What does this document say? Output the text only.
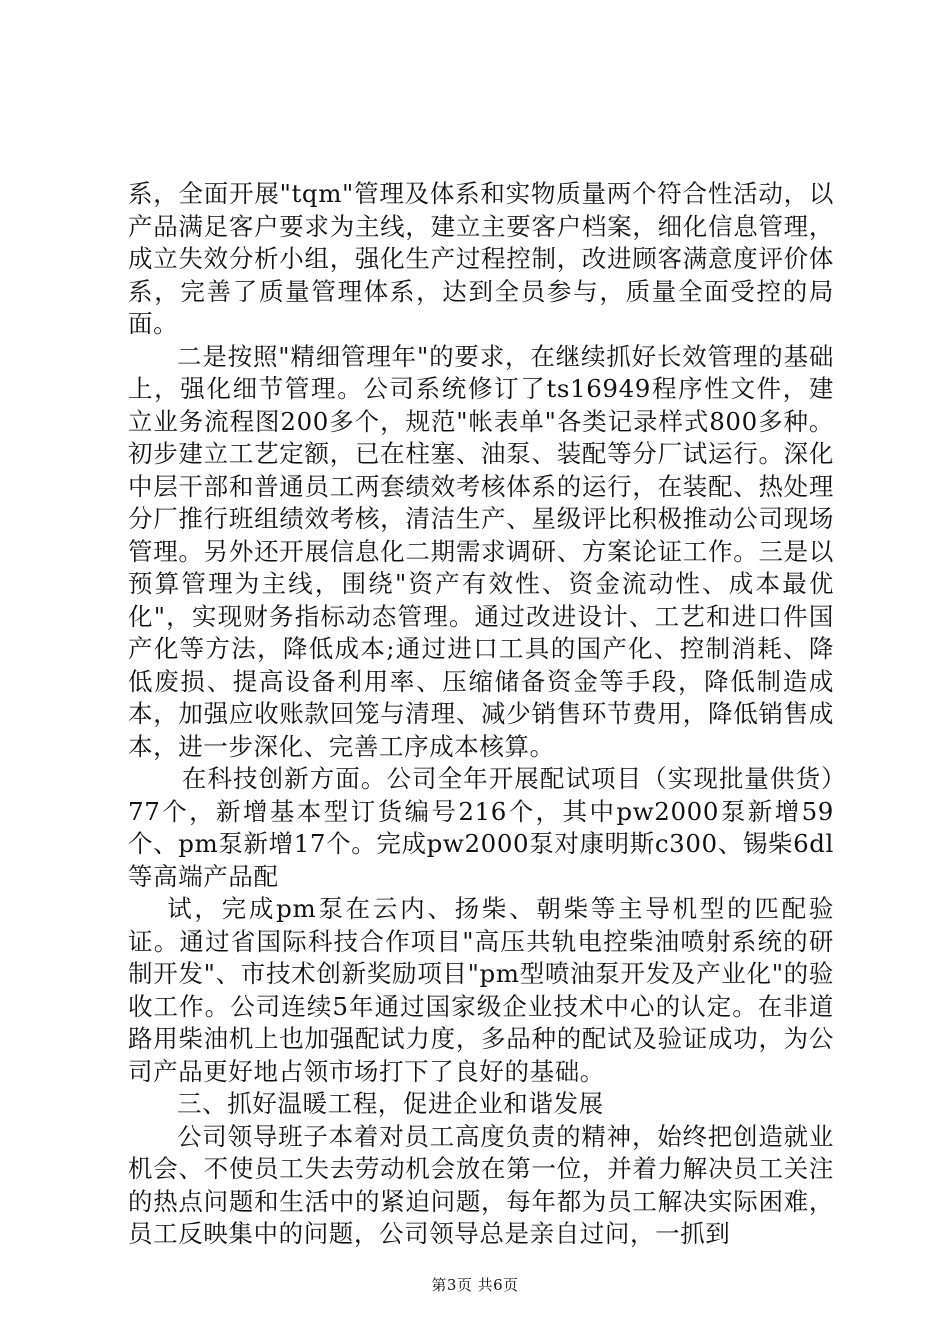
系，全面开展"tqm"管理及体系和实物质量两个符合性活动，以产品满足客户要求为主线，建立主要客户档案，细化信息管理，成立失效分析小组，强化生产过程控制，改进顾客满意度评价体系，完善了质量管理体系，达到全员参与，质量全面受控的局面。

二是按照"精细管理年"的要求，在继续抓好长效管理的基础上，强化细节管理。公司系统修订了ts16949程序性文件，建立业务流程图200多个，规范"帐表单"各类记录样式800多种。初步建立工艺定额，已在柱塞、油泵、装配等分厂试运行。深化中层干部和普通员工两套绩效考核体系的运行，在装配、热处理分厂推行班组绩效考核，清洁生产、星级评比积极推动公司现场管理。另外还开展信息化二期需求调研、方案论证工作。三是以预算管理为主线，围绕"资产有效性、资金流动性、成本最优化"，实现财务指标动态管理。通过改进设计、工艺和进口件国产化等方法，降低成本;通过进口工具的国产化、控制消耗、降低废损、提高设备利用率、压缩储备资金等手段，降低制造成本，加强应收账款回笼与清理、减少销售环节费用，降低销售成本，进一步深化、完善工序成本核算。

在科技创新方面。公司全年开展配试项目（实现批量供货）77个，新增基本型订货编号216个，其中pw2000泵新增59个、pm泵新增17个。完成pw2000泵对康明斯c300、锡柴6dl等高端产品配

试，完成pm泵在云内、扬柴、朝柴等主导机型的匹配验证。通过省国际科技合作项目"高压共轨电控柴油喷射系统的研制开发"、市技术创新奖励项目"pm型喷油泵开发及产业化"的验收工作。公司连续5年通过国家级企业技术中心的认定。在非道路用柴油机上也加强配试力度，多品种的配试及验证成功，为公司产品更好地占领市场打下了良好的基础。

三、抓好温暖工程，促进企业和谐发展

公司领导班子本着对员工高度负责的精神，始终把创造就业机会、不使员工失去劳动机会放在第一位，并着力解决员工关注的热点问题和生活中的紧迫问题，每年都为员工解决实际困难，员工反映集中的问题，公司领导总是亲自过问，一抓到

第3页 共6页
